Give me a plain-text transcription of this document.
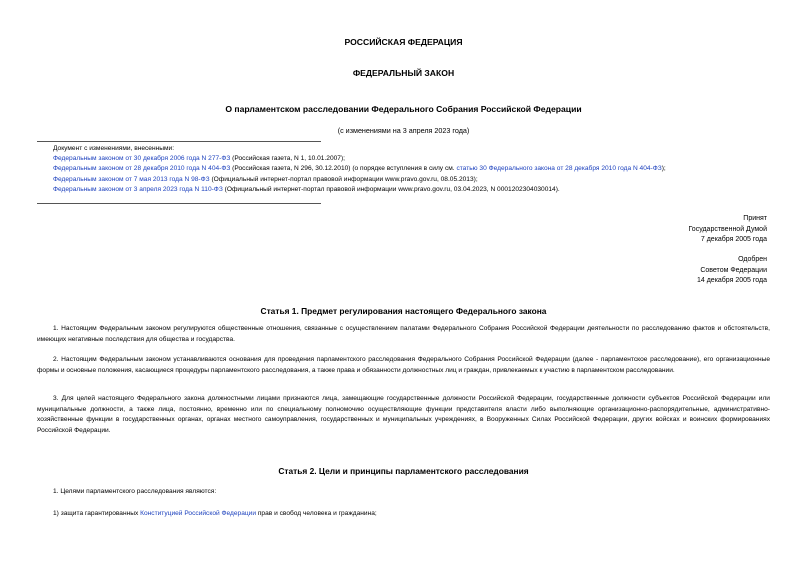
РОССИЙСКАЯ ФЕДЕРАЦИЯ
ФЕДЕРАЛЬНЫЙ ЗАКОН
О парламентском расследовании Федерального Собрания Российской Федерации
(с изменениями на 3 апреля 2023 года)
Документ с изменениями, внесенными:
Федеральным законом от 30 декабря 2006 года N 277-ФЗ (Российская газета, N 1, 10.01.2007);
Федеральным законом от 28 декабря 2010 года N 404-ФЗ (Российская газета, N 296, 30.12.2010) (о порядке вступления в силу см. статью 30 Федерального закона от 28 декабря 2010 года N 404-ФЗ);
Федеральным законом от 7 мая 2013 года N 98-ФЗ (Официальный интернет-портал правовой информации www.pravo.gov.ru, 08.05.2013);
Федеральным законом от 3 апреля 2023 года N 110-ФЗ (Официальный интернет-портал правовой информации www.pravo.gov.ru, 03.04.2023, N 0001202304030014).
Принят
Государственной Думой
7 декабря 2005 года
Одобрен
Советом Федерации
14 декабря 2005 года
Статья 1. Предмет регулирования настоящего Федерального закона
1. Настоящим Федеральным законом регулируются общественные отношения, связанные с осуществлением палатами Федерального Собрания Российской Федерации деятельности по расследованию фактов и обстоятельств, имеющих негативные последствия для общества и государства.
2. Настоящим Федеральным законом устанавливаются основания для проведения парламентского расследования Федерального Собрания Российской Федерации (далее - парламентское расследование), его организационные формы и основные положения, касающиеся процедуры парламентского расследования, а также права и обязанности должностных лиц и граждан, привлекаемых к участию в парламентском расследовании.
3. Для целей настоящего Федерального закона должностными лицами признаются лица, замещающие государственные должности Российской Федерации, государственные должности субъектов Российской Федерации или муниципальные должности, а также лица, постоянно, временно или по специальному полномочию осуществляющие функции представителя власти либо выполняющие организационно-распорядительные, административно-хозяйственные функции в государственных органах, органах местного самоуправления, государственных и муниципальных учреждениях, в Вооруженных Силах Российской Федерации, других войсках и воинских формированиях Российской Федерации.
Статья 2. Цели и принципы парламентского расследования
1. Целями парламентского расследования являются:
1) защита гарантированных Конституцией Российской Федерации прав и свобод человека и гражданина;
